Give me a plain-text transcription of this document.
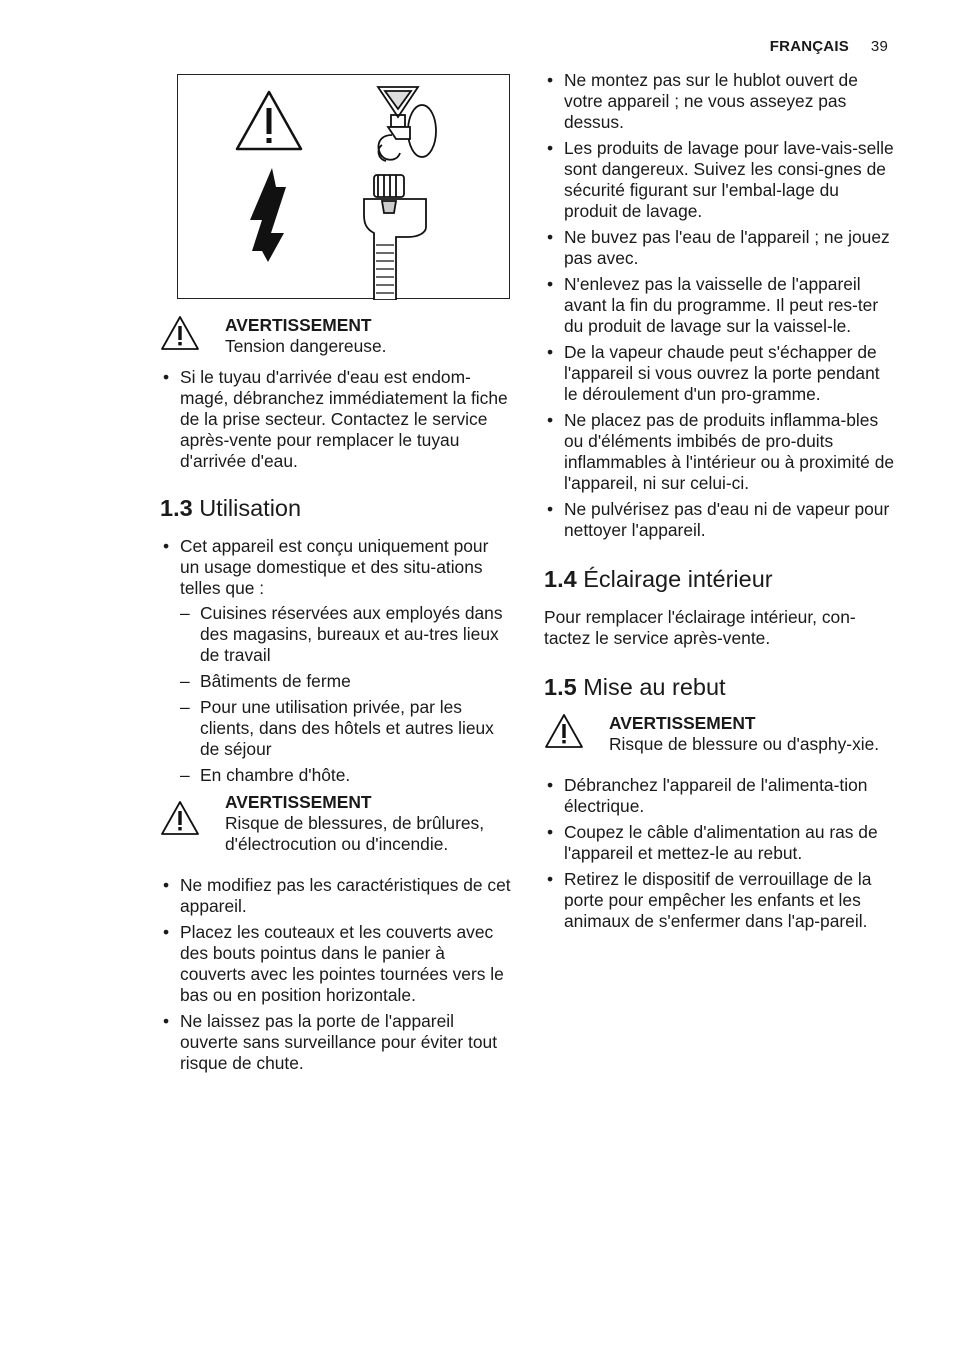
FRANÇAIS 39
AVERTISSEMENT
Tension dangereuse.
• Si le tuyau d'arrivée d'eau est endom-magé, débranchez immédiatement la fiche de la prise secteur. Contactez le service après-vente pour remplacer le tuyau d'arrivée d'eau.
1.3 Utilisation
• Cet appareil est conçu uniquement pour un usage domestique et des situ-ations telles que :
– Cuisines réservées aux employés dans des magasins, bureaux et au-tres lieux de travail
– Bâtiments de ferme
– Pour une utilisation privée, par les clients, dans des hôtels et autres lieux de séjour
– En chambre d'hôte.
AVERTISSEMENT
Risque de blessures, de brûlures, d'électrocution ou d'incendie.
• Ne modifiez pas les caractéristiques de cet appareil.
• Placez les couteaux et les couverts avec des bouts pointus dans le panier à couverts avec les pointes tournées vers le bas ou en position horizontale.
• Ne laissez pas la porte de l'appareil ouverte sans surveillance pour éviter tout risque de chute.
• Ne montez pas sur le hublot ouvert de votre appareil ; ne vous asseyez pas dessus.
• Les produits de lavage pour lave-vais-selle sont dangereux. Suivez les consi-gnes de sécurité figurant sur l'embal-lage du produit de lavage.
• Ne buvez pas l'eau de l'appareil ; ne jouez pas avec.
• N'enlevez pas la vaisselle de l'appareil avant la fin du programme. Il peut res-ter du produit de lavage sur la vaissel-le.
• De la vapeur chaude peut s'échapper de l'appareil si vous ouvrez la porte pendant le déroulement d'un pro-gramme.
• Ne placez pas de produits inflamma-bles ou d'éléments imbibés de pro-duits inflammables à l'intérieur ou à proximité de l'appareil, ni sur celui-ci.
• Ne pulvérisez pas d'eau ni de vapeur pour nettoyer l'appareil.
1.4 Éclairage intérieur

Pour remplacer l'éclairage intérieur, con-tactez le service après-vente.

1.5 Mise au rebut
AVERTISSEMENT
Risque de blessure ou d'asphy-xie.
• Débranchez l'appareil de l'alimenta-tion électrique.
• Coupez le câble d'alimentation au ras de l'appareil et mettez-le au rebut.
• Retirez le dispositif de verrouillage de la porte pour empêcher les enfants et les animaux de s'enfermer dans l'ap-pareil.
